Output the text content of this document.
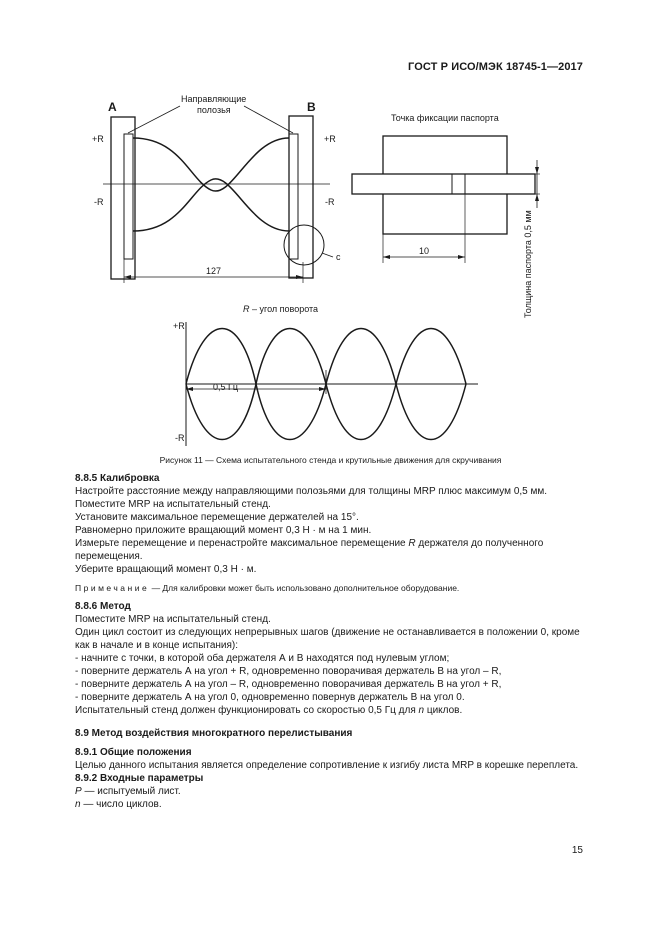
ГОСТ Р ИСО/МЭК 18745-1—2017
A	B
Направляющие
полозья
+R
-R
+R
-R
c
127
R – угол поворота
Точка фиксации паспорта
10	Толщина паспорта 0,5 мм
+R
-R
0,5 Гц
Рисунок 11 — Схема испытательного стенда и крутильные движения для скручивания

8.8.5 Калибровка

Настройте расстояние между направляющими полозьями для толщины MRP плюс максимум 0,5 мм.

Поместите MRP на испытательный стенд.

Установите максимальное перемещение держателей на 15°.

Равномерно приложите вращающий момент 0,3 Н · м на 1 мин.

Измерьте перемещение и перенастройте максимальное перемещение R держателя до полученного перемещения.

Уберите вращающий момент 0,3 Н · м.

Примечание — Для калибровки может быть использовано дополнительное оборудование.

8.8.6 Метод

Поместите MRP на испытательный стенд.

Один цикл состоит из следующих непрерывных шагов (движение не останавливается в положении 0, кроме как в начале и в конце испытания):

- начните с точки, в которой оба держателя А и В находятся под нулевым углом;

- поверните держатель А на угол + R, одновременно поворачивая держатель В на угол – R,

- поверните держатель А на угол – R, одновременно поворачивая держатель В на угол + R,

- поверните держатель А на угол 0, одновременно повернув держатель В на угол 0.

Испытательный стенд должен функционировать со скоростью 0,5 Гц для n циклов.

8.9 Метод воздействия многократного перелистывания

8.9.1 Общие положения

Целью данного испытания является определение сопротивление к изгибу листа MRP в корешке переплета.

8.9.2 Входные параметры

P — испытуемый лист.

n — число циклов.

15
